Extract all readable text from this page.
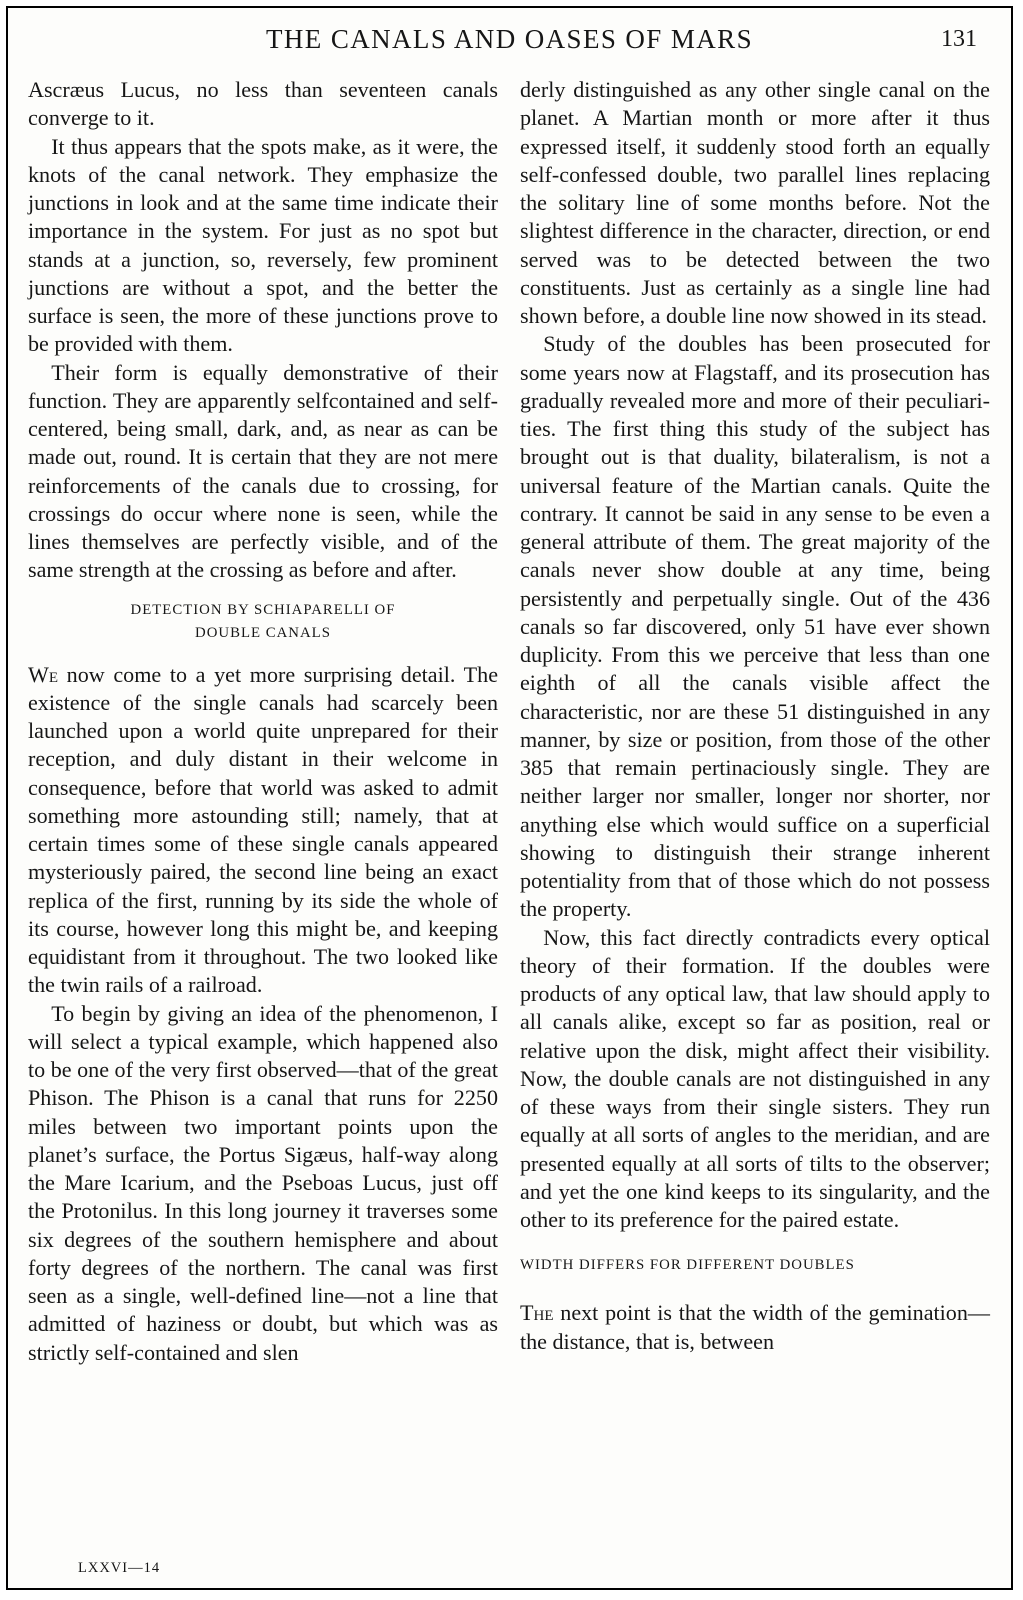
THE CANALS AND OASES OF MARS	131

Ascræus Lucus, no less than seventeen canals converge to it.

It thus appears that the spots make, as it were, the knots of the canal network. They emphasize the junctions in look and at the same time indicate their importance in the system. For just as no spot but stands at a junction, so, reversely, few prominent junctions are without a spot, and the better the surface is seen, the more of these junctions prove to be provided with them.

Their form is equally demonstrative of their function. They are apparently selfcontained and self-centered, being small, dark, and, as near as can be made out, round. It is certain that they are not mere reinforcements of the canals due to crossing, for crossings do occur where none is seen, while the lines themselves are perfectly visible, and of the same strength at the crossing as before and after.

DETECTION BY SCHIAPARELLI OF
DOUBLE CANALS

We now come to a yet more surprising detail. The existence of the single canals had scarcely been launched upon a world quite unprepared for their reception, and duly distant in their welcome in consequence, before that world was asked to admit something more astounding still; namely, that at certain times some of these single canals appeared mysteriously paired, the second line being an exact replica of the first, running by its side the whole of its course, however long this might be, and keeping equidistant from it throughout. The two looked like the twin rails of a railroad.

To begin by giving an idea of the phenomenon, I will select a typical example, which happened also to be one of the very first observed—that of the great Phison. The Phison is a canal that runs for 2250 miles between two important points upon the planet’s surface, the Portus Sigæus, half-way along the Mare Icarium, and the Pseboas Lucus, just off the Protonilus. In this long journey it traverses some six degrees of the southern hemisphere and about forty degrees of the northern. The canal was first seen as a single, well-defined line—not a line that admitted of haziness or doubt, but which was as strictly self-contained and slen

derly distinguished as any other single canal on the planet. A Martian month or more after it thus expressed itself, it suddenly stood forth an equally self-confessed double, two parallel lines replacing the solitary line of some months before. Not the slightest difference in the character, direction, or end served was to be detected between the two constituents. Just as certainly as a single line had shown before, a double line now showed in its stead.

Study of the doubles has been prosecuted for some years now at Flagstaff, and its prosecution has gradually revealed more and more of their peculiarities. The first thing this study of the subject has brought out is that duality, bilateralism, is not a universal feature of the Martian canals. Quite the contrary. It cannot be said in any sense to be even a general attribute of them. The great majority of the canals never show double at any time, being persistently and perpetually single. Out of the 436 canals so far discovered, only 51 have ever shown duplicity. From this we perceive that less than one eighth of all the canals visible affect the characteristic, nor are these 51 distinguished in any manner, by size or position, from those of the other 385 that remain pertinaciously single. They are neither larger nor smaller, longer nor shorter, nor anything else which would suffice on a superficial showing to distinguish their strange inherent potentiality from that of those which do not possess the property.

Now, this fact directly contradicts every optical theory of their formation. If the doubles were products of any optical law, that law should apply to all canals alike, except so far as position, real or relative upon the disk, might affect their visibility. Now, the double canals are not distinguished in any of these ways from their single sisters. They run equally at all sorts of angles to the meridian, and are presented equally at all sorts of tilts to the observer; and yet the one kind keeps to its singularity, and the other to its preference for the paired estate.

WIDTH DIFFERS FOR DIFFERENT DOUBLES

The next point is that the width of the gemination—the distance, that is, between

LXXVI—14
